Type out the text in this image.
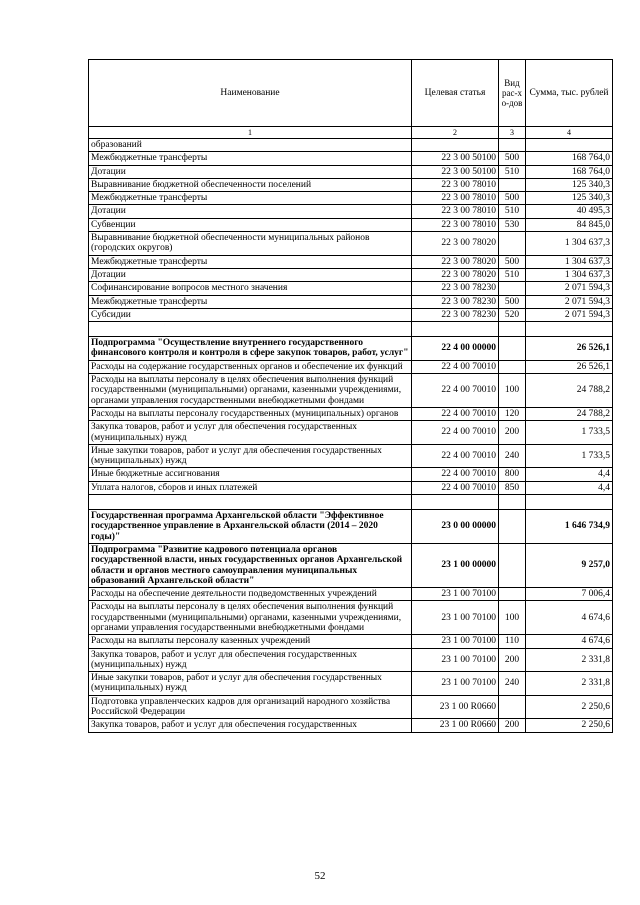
Наименование	Целевая статья	Вид рас-хо-дов	Сумма, тыс. рублей
1	2	3	4
образований			
Межбюджетные трансферты	22 3 00 50100	500	168 764,0
Дотации	22 3 00 50100	510	168 764,0
Выравнивание бюджетной обеспеченности поселений	22 3 00 78010		125 340,3
Межбюджетные трансферты	22 3 00 78010	500	125 340,3
Дотации	22 3 00 78010	510	40 495,3
Субвенции	22 3 00 78010	530	84 845,0
Выравнивание бюджетной обеспеченности муниципальных районов (городских округов)	22 3 00 78020		1 304 637,3
Межбюджетные трансферты	22 3 00 78020	500	1 304 637,3
Дотации	22 3 00 78020	510	1 304 637,3
Софинансирование вопросов местного значения	22 3 00 78230		2 071 594,3
Межбюджетные трансферты	22 3 00 78230	500	2 071 594,3
Субсидии	22 3 00 78230	520	2 071 594,3

Подпрограмма "Осуществление внутреннего государственного финансового контроля и контроля в сфере закупок товаров, работ, услуг"	22 4 00 00000		26 526,1
Расходы на содержание государственных органов и обеспечение их функций	22 4 00 70010		26 526,1
Расходы на выплаты персоналу в целях обеспечения выполнения функций государственными (муниципальными) органами, казенными учреждениями, органами управления государственными внебюджетными фондами	22 4 00 70010	100	24 788,2
Расходы на выплаты персоналу государственных (муниципальных) органов	22 4 00 70010	120	24 788,2
Закупка товаров, работ и услуг для обеспечения государственных (муниципальных) нужд	22 4 00 70010	200	1 733,5
Иные закупки товаров, работ и услуг для обеспечения государственных (муниципальных) нужд	22 4 00 70010	240	1 733,5
Иные бюджетные ассигнования	22 4 00 70010	800	4,4
Уплата налогов, сборов и иных платежей	22 4 00 70010	850	4,4

Государственная программа Архангельской области "Эффективное государственное управление в Архангельской области (2014 – 2020 годы)"	23 0 00 00000		1 646 734,9
Подпрограмма "Развитие кадрового потенциала органов государственной власти, иных государственных органов Архангельской области и органов местного самоуправления муниципальных образований Архангельской области"	23 1 00 00000		9 257,0
Расходы на обеспечение деятельности подведомственных учреждений	23 1 00 70100		7 006,4
Расходы на выплаты персоналу в целях обеспечения выполнения функций государственными (муниципальными) органами, казенными учреждениями, органами управления государственными внебюджетными фондами	23 1 00 70100	100	4 674,6
Расходы на выплаты персоналу казенных учреждений	23 1 00 70100	110	4 674,6
Закупка товаров, работ и услуг для обеспечения государственных (муниципальных) нужд	23 1 00 70100	200	2 331,8
Иные закупки товаров, работ и услуг для обеспечения государственных (муниципальных) нужд	23 1 00 70100	240	2 331,8
Подготовка управленческих кадров для организаций народного хозяйства Российской Федерации	23 1 00 R0660		2 250,6
Закупка товаров, работ и услуг для обеспечения государственных	23 1 00 R0660	200	2 250,6
52
